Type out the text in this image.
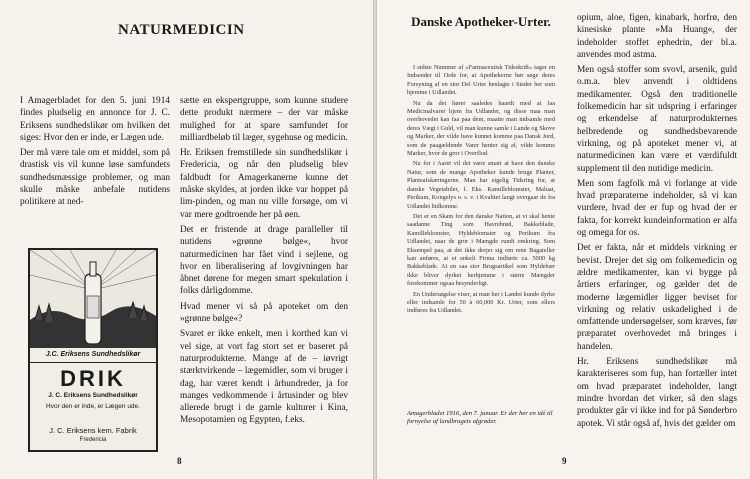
NATURMEDICIN

I Amagerbladet for den 5. juni 1914 findes pludselig en annonce for J. C. Eriksens sundhedslikør om hvilken det siges: Hvor den er inde, er Lægen ude.

Der må være tale om et middel, som på drastisk vis vil kunne løse samfundets sundhedsmæssige problemer, og man skulle måske anbefale nutidens politikere at ned-

J.C. Eriksens Sundhedslikør
DRIK
J. C. Eriksens Sundhedslikør
Hvor den er inde, er Lægen ude.
J. C. Eriksens kem. Fabrik
Fredericia

sætte en ekspertgruppe, som kunne studere dette produkt nærmere – der var måske mulighed for at spare samfundet for milliardbeløb til læger, sygehuse og medicin.

Hr. Eriksen fremstillede sin sundhedslikør i Fredericia, og når den pludselig blev faldbudt for Amagerkanerne kunne det måske skyldes, at jorden ikke var hoppet på lim-pinden, og man nu ville forsøge, om vi var mere godtroende her på øen.

Det er fristende at drage paralleller til nutidens »grønne bølge«, hvor naturmedicinen har fået vind i sejlene, og hvor en liberalisering af lovgivningen har åbnet dørene for megen smart spekulation i folks dårligdomme.

Hvad mener vi så på apoteket om den »grønne bølge«?

Svaret er ikke enkelt, men i korthed kan vi vel sige, at vort fag stort set er baseret på naturprodukterne. Mange af de – iøvrigt stærktvirkende – lægemidler, som vi bruger i dag, har været kendt i århundreder, ja for manges vedkommende i årtusinder og blev allerede brugt i de gamle kulturer i Kina, Mesopotamien og Egypten, f.eks.

8
Danske Apotheker-Urter.

I sidste Nummer af »Farmaceutisk Tidsskrift« tager en Indsender til Orde for, at Apothekerne bør søge deres Forsyning af en stor Del Urter henlagte i Steder her som hjemme i Udlandet.

Nu da det hører saaledes haardt med at faa Medicinalvarer hjem fra Udlandet, og disse maa man overhovedet kan faa paa dem, maatte man indsamle med deres Vægt i Guld, vil man kunne samle i Lande og Skove og Marker, der vilde have kunnet komme paa Dansk Jord, som de paagældende Varer henter sig af, vilde komme Marker, hvor de gror i Overflod.

Nu for i Aaret vil det være smart at have den danske Natur, som de mange Apotheker kunde bruge Planter, Planteafskæringerne. Man har eigelig Tidsring for, at danske Vegetabiler, f. Eks. Kamilleblomster, Maluat, Perikum, Kongelys o. s. v. i Kvalitet langt overgaar de fra Udlandet hidkomne.

Det er en Skam for den danske Nation, at vi skal hente saadanne Ting som Havrebrød, Bakkeblade, Kamilleblomster, Hyldeblomster og Perikum fra Udlandet, naar de gror i Mængde rundt omkring. Som Eksempel paa, at det ikke drejer sig om rene Bagateller kan anføres, at et enkelt Firma indførte ca. 5000 kg Bakkeblade. At en saa stor Brugsartikel som Hyldebær ikke bliver dyrket herhjemme i større Mængder forekommer ogsaa besynderligt.

En Undersøgelse viser, at man her i Landet kunde dyrke eller indsamle for 50 à 60,000 Kr. Urter, som ellers indføres fra Udlandet.

Amagerbladet 1916, den 7. januar. Er der her en idé til fornyelse af landbrugets afgrøder.

opium, aloe, figen, kinabark, horfrø, den kinesiske plante »Ma Huang«, der indeholder stoffet ephedrin, der bl.a. anvendes mod astma.

Men også stoffer som svovl, arsenik, guld o.m.a. blev anvendt i oldtidens medikamenter. Også den traditionelle folkemedicin har sit udspring i erfaringer og erkendelse af naturprodukternes helbredende og sundhedsbevarende virkning, og på apoteket mener vi, at naturmedicinen kan være et værdifuldt supplement til den nutidige medicin.

Men som fagfolk må vi forlange at vide hvad præparaterne indeholder, så vi kan vurdere, hvad der er fup og hvad der er fakta, for korrekt kundeinformation er alfa og omega for os.

Det er fakta, når et middels virkning er bevist. Drejer det sig om folkemedicin og ældre medikamenter, kan vi bygge på årtiers erfaringer, og gælder det de moderne lægemidler ligger beviset for virkning og relativ uskadelighed i de omfattende undersøgelser, som kræves, før præparatet overhovedet må bringes i handelen.

Hr. Eriksens sundhedslikør må karakteriseres som fup, han fortæller intet om hvad præparatet indeholder, langt mindre hvordan det virker, så den slags produkter går vi ikke ind for på Sønderbro apotek. Vi står også af, hvis det gælder om

9
